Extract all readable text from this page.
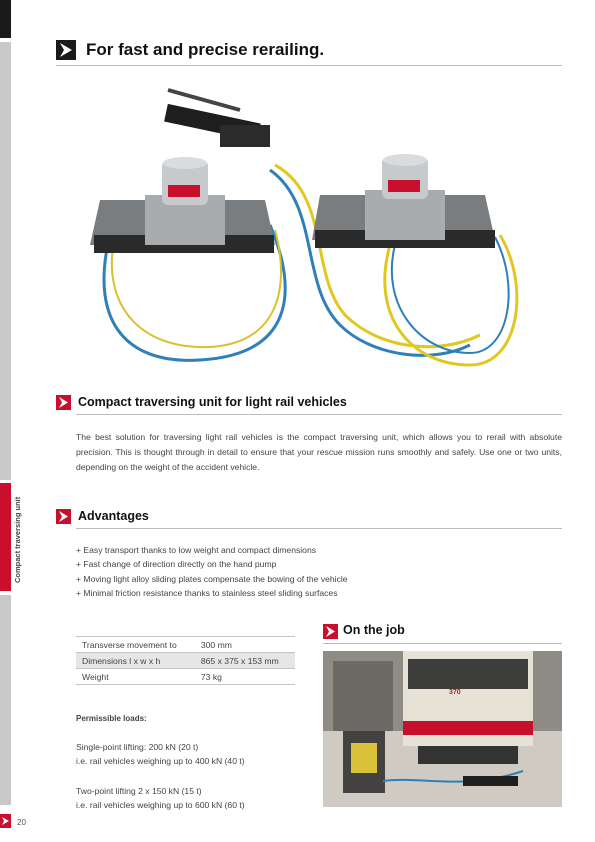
Compact traversing unit
For fast and precise rerailing.
Compact traversing unit for light rail vehicles
The best solution for traversing light rail vehicles is the compact traversing unit, which allows you to rerail with absolute precision. This is thought through in detail to ensure that your rescue mission runs smoothly and safely. Use one or two units, depending on the weight of the accident vehicle.
Advantages
+ Easy transport thanks to low weight and compact dimensions
+ Fast change of direction directly on the hand pump
+ Moving light alloy sliding plates compensate the bowing of the vehicle
+ Minimal friction resistance thanks to stainless steel sliding surfaces
Transverse movement to	300 mm
Dimensions l x w x h	865 x 375 x 153 mm
Weight	73 kg
Permissible loads:
Single-point lifting: 200 kN (20 t)
i.e. rail vehicles weighing up to 400 kN (40 t)
Two-point lifting 2 x 150 kN (15 t)
i.e. rail vehicles weighing up to 600 kN (60 t)
On the job
370
20
